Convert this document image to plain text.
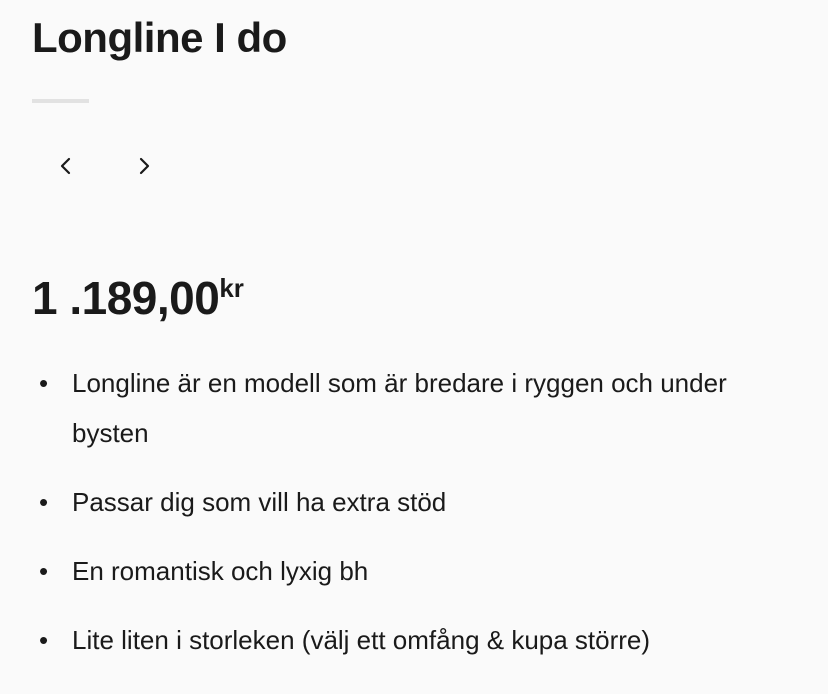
Longline I do
1 $.189,00^{kr}$
• Longline är en modell som är bredare i ryggen och under bysten
• Passar dig som vill ha extra stöd
• En romantisk och lyxig bh
• Lite liten i storleken (välj ett omfång & kupa större)
